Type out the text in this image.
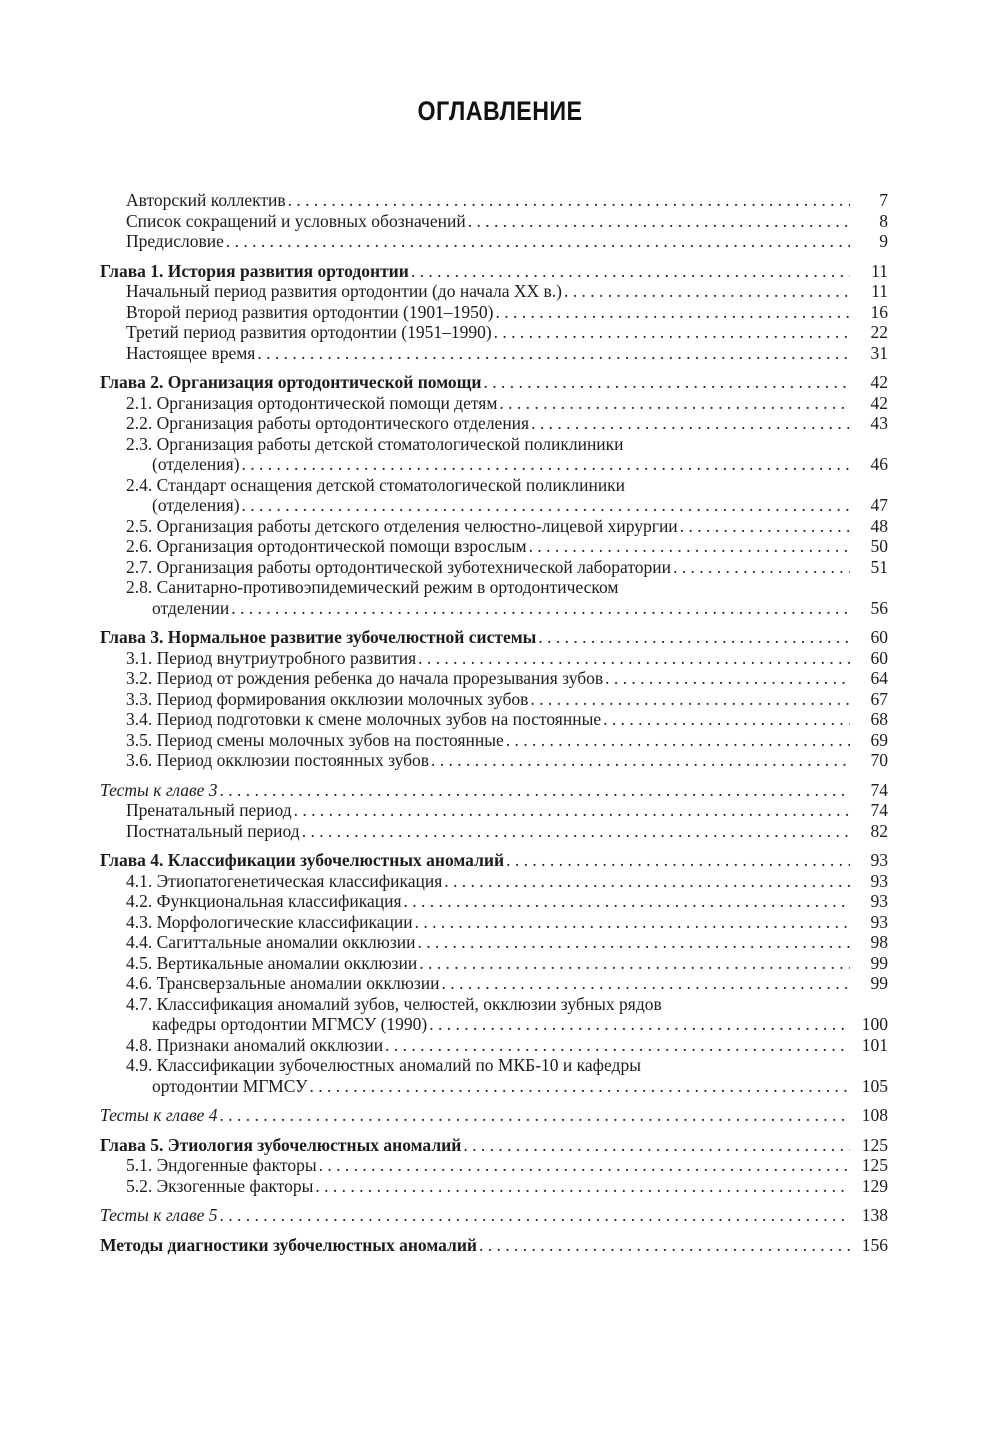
ОГЛАВЛЕНИЕ
Авторский коллектив . . .	7
Список сокращений и условных обозначений . . .	8
Предисловие . . .	9
Глава 1. История развития ортодонтии . . .	11
Начальный период развития ортодонтии (до начала XX в.) . . .	11
Второй период развития ортодонтии (1901–1950) . . .	16
Третий период развития ортодонтии (1951–1990) . . .	22
Настоящее время . . .	31
Глава 2. Организация ортодонтической помощи . . .	42
2.1. Организация ортодонтической помощи детям . . .	42
2.2. Организация работы ортодонтического отделения . . .	43
2.3. Организация работы детской стоматологической поликлиники
(отделения) . . .	46
2.4. Стандарт оснащения детской стоматологической поликлиники
(отделения) . . .	47
2.5. Организация работы детского отделения челюстно-лицевой хирургии . . .	48
2.6. Организация ортодонтической помощи взрослым . . .	50
2.7. Организация работы ортодонтической зуботехнической лаборатории . . .	51
2.8. Санитарно-противоэпидемический режим в ортодонтическом
отделении . . .	56
Глава 3. Нормальное развитие зубочелюстной системы . . .	60
3.1. Период внутриутробного развития . . .	60
3.2. Период от рождения ребенка до начала прорезывания зубов . . .	64
3.3. Период формирования окклюзии молочных зубов . . .	67
3.4. Период подготовки к смене молочных зубов на постоянные . . .	68
3.5. Период смены молочных зубов на постоянные . . .	69
3.6. Период окклюзии постоянных зубов . . .	70
Тесты к главе 3 . . .	74
Пренатальный период . . .	74
Постнатальный период . . .	82
Глава 4. Классификации зубочелюстных аномалий . . .	93
4.1. Этиопатогенетическая классификация . . .	93
4.2. Функциональная классификация . . .	93
4.3. Морфологические классификации . . .	93
4.4. Сагиттальные аномалии окклюзии . . .	98
4.5. Вертикальные аномалии окклюзии . . .	99
4.6. Трансверзальные аномалии окклюзии . . .	99
4.7. Классификация аномалий зубов, челюстей, окклюзии зубных рядов
кафедры ортодонтии МГМСУ (1990) . . .	100
4.8. Признаки аномалий окклюзии . . .	101
4.9. Классификации зубочелюстных аномалий по МКБ-10 и кафедры
ортодонтии МГМСУ . . .	105
Тесты к главе 4 . . .	108
Глава 5. Этиология зубочелюстных аномалий . . .	125
5.1. Эндогенные факторы . . .	125
5.2. Экзогенные факторы . . .	129
Тесты к главе 5 . . .	138
Методы диагностики зубочелюстных аномалий . . .	156
